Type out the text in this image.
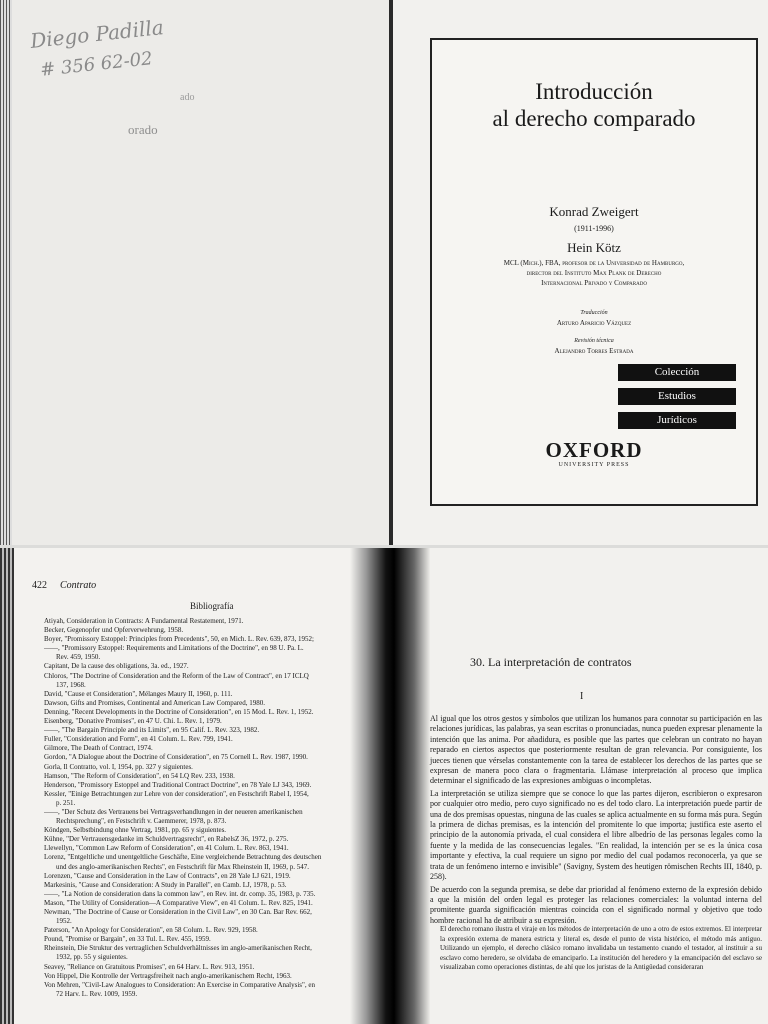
Diego Padilla
# 356 62-02
ado
orado
Introducción
al derecho comparado
Konrad Zweigert
(1911-1996)
Hein Kötz
MCL (Mich.), FBA, profesor de la Universidad de Hamburgo,
director del Instituto Max Plank de Derecho
Internacional Privado y Comparado
Traducción
Arturo Aparicio Vázquez
Revisión técnica
Alejandro Torres Estrada
Colección
Estudios
Jurídicos
OXFORD
UNIVERSITY PRESS
422 Contrato
Bibliografía
Atiyah, Consideration in Contracts: A Fundamental Restatement, 1971.
Becker, Gegenopfer und Opferverwehrung, 1958.
Boyer, "Promissory Estoppel: Principles from Precedents", 50, en Mich. L. Rev. 639, 873, 1952;
——, "Promissory Estoppel: Requirements and Limitations of the Doctrine", en 98 U. Pa. L.
Rev. 459, 1950.
Capitant, De la cause des obligations, 3a. ed., 1927.
Chloros, "The Doctrine of Consideration and the Reform of the Law of Contract", en 17 ICLQ
137, 1968.
David, "Cause et Consideration", Mélanges Maury II, 1960, p. 111.
Dawson, Gifts and Promises, Continental and American Law Compared, 1980.
Denning, "Recent Developments in the Doctrine of Consideration", en 15 Mod. L. Rev. 1, 1952.
Eisenberg, "Donative Promises", en 47 U. Chi. L. Rev. 1, 1979.
——, "The Bargain Principle and its Limits", en 95 Calif. L. Rev. 323, 1982.
Fuller, "Consideration and Form", en 41 Colum. L. Rev. 799, 1941.
Gilmore, The Death of Contract, 1974.
Gordon, "A Dialogue about the Doctrine of Consideration", en 75 Cornell L. Rev. 1987, 1990.
Gorla, Il Contratto, vol. I, 1954, pp. 327 y siguientes.
Hamson, "The Reform of Consideration", en 54 LQ Rev. 233, 1938.
Henderson, "Promissory Estoppel and Traditional Contract Doctrine", en 78 Yale LJ 343, 1969.
Kessler, "Einige Betrachtungen zur Lehre von der consideration", en Festschrift Rabel I, 1954,
p. 251.
——, "Der Schutz des Vertrauens bei Vertragsverhandlungen in der neueren amerikanischen
Rechtsprechung", en Festschrift v. Caemmerer, 1978, p. 873.
Köndgen, Selbstbindung ohne Vertrag, 1981, pp. 65 y siguientes.
Kühne, "Der Vertrauensgedanke im Schuldvertragsrecht", en RabelsZ 36, 1972, p. 275.
Llewellyn, "Common Law Reform of Consideration", en 41 Colum. L. Rev. 863, 1941.
Lorenz, "Entgeltliche und unentgeltliche Geschäfte, Eine vergleichende Betrachtung des deutschen
und des anglo-amerikanischen Rechts", en Festschrift für Max Rheinstein II, 1969, p. 547.
Lorenzen, "Cause and Consideration in the Law of Contracts", en 28 Yale LJ 621, 1919.
Markesinis, "Cause and Consideration: A Study in Parallel", en Camb. LJ, 1978, p. 53.
——, "La Notion de consideration dans la common law", en Rev. int. dr. comp. 35, 1983, p. 735.
Mason, "The Utility of Consideration—A Comparative View", en 41 Colum. L. Rev. 825, 1941.
Newman, "The Doctrine of Cause or Consideration in the Civil Law", en 30 Can. Bar Rev. 662,
1952.
Paterson, "An Apology for Consideration", en 58 Colum. L. Rev. 929, 1958.
Pound, "Promise or Bargain", en 33 Tul. L. Rev. 455, 1959.
Rheinstein, Die Struktur des vertraglichen Schuldverhältnisses im anglo-amerikanischen Recht,
1932, pp. 55 y siguientes.
Seavey, "Reliance on Gratuitous Promises", en 64 Harv. L. Rev. 913, 1951.
Von Hippel, Die Kontrolle der Vertragsfreiheit nach anglo-amerikanischem Recht, 1963.
Von Mehren, "Civil-Law Analogues to Consideration: An Exercise in Comparative Analysis", en
72 Harv. L. Rev. 1009, 1959.
30. La interpretación de contratos
I

Al igual que los otros gestos y símbolos que utilizan los humanos para connotar su participación en las relaciones jurídicas, las palabras, ya sean escritas o pronunciadas, nunca pueden expresar plenamente la intención que las anima. Por añadidura, es posible que las partes que celebran un contrato no hayan reparado en ciertos aspectos que posteriormente resultan de gran relevancia. Por consiguiente, los jueces tienen que vérselas constantemente con la tarea de establecer los derechos de las partes que se expresan de manera poco clara o fragmentaria. Llámase interpretación al proceso que implica determinar el significado de las expresiones ambiguas o incompletas.

La interpretación se utiliza siempre que se conoce lo que las partes dijeron, escribieron o expresaron por cualquier otro medio, pero cuyo significado no es del todo claro. La interpretación puede partir de una de dos premisas opuestas, ninguna de las cuales se aplica actualmente en su forma más pura. Según la primera de dichas premisas, es la intención del promitente lo que importa; justifica este aserto el principio de la autonomía privada, el cual considera el libre albedrío de las personas legales como la fuente y la medida de las consecuencias legales. "En realidad, la intención per se es la única cosa importante y efectiva, la cual requiere un signo por medio del cual podamos reconocerla, ya que se trata de un fenómeno interno e invisible" (Savigny, System des heutigen römischen Rechts III, 1840, p. 258).

De acuerdo con la segunda premisa, se debe dar prioridad al fenómeno externo de la expresión debido a que la misión del orden legal es proteger las relaciones comerciales: la voluntad interna del promitente guarda significación mientras coincida con el significado normal y objetivo que todo hombre racional ha de atribuir a su expresión.

El derecho romano ilustra el viraje en los métodos de interpretación de uno a otro de estos extremos. El interpretar la expresión externa de manera estricta y literal es, desde el punto de vista histórico, el método más antiguo. Utilizando un ejemplo, el derecho clásico romano invalidaba un testamento cuando el testador, al instituir a su esclavo como heredero, se olvidaba de emanciparlo. La institución del heredero y la emancipación del esclavo se visualizaban como operaciones distintas, de ahí que los juristas de la Antigüedad consideraran
